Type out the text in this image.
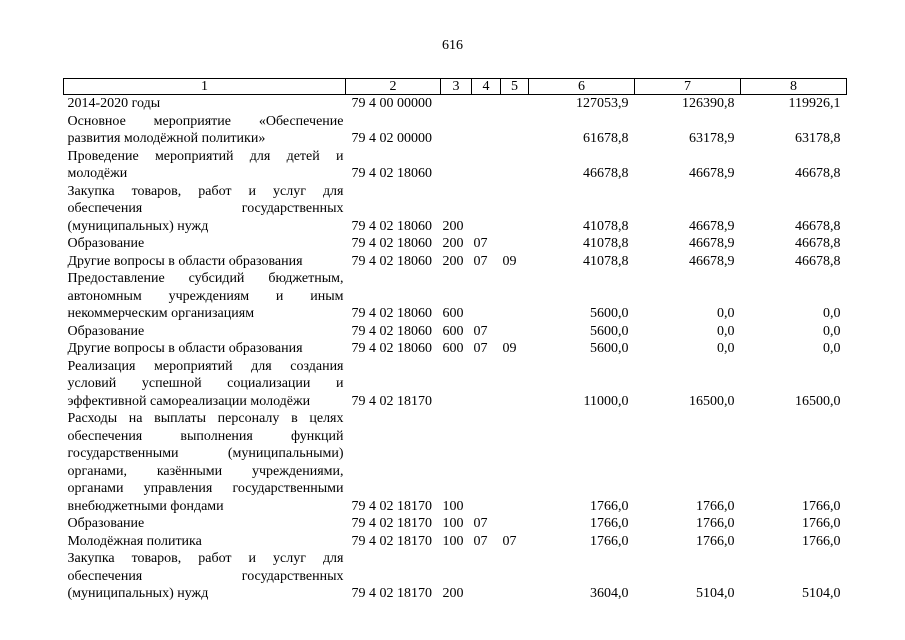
616
1	2	3	4	5	6	7	8
2014-2020 годы	79 4 00 00000				127053,9	126390,8	119926,1
Основное мероприятие «Обеспечение развития молодёжной политики»	79 4 02 00000				61678,8	63178,9	63178,8
Проведение мероприятий для детей и молодёжи	79 4 02 18060				46678,8	46678,9	46678,8
Закупка товаров, работ и услуг для обеспечения государственных (муниципальных) нужд	79 4 02 18060	200			41078,8	46678,9	46678,8
Образование	79 4 02 18060	200	07		41078,8	46678,9	46678,8
Другие вопросы в области образования	79 4 02 18060	200	07	09	41078,8	46678,9	46678,8
Предоставление субсидий бюджетным, автономным учреждениям и иным некоммерческим организациям	79 4 02 18060	600			5600,0	0,0	0,0
Образование	79 4 02 18060	600	07		5600,0	0,0	0,0
Другие вопросы в области образования	79 4 02 18060	600	07	09	5600,0	0,0	0,0
Реализация мероприятий для создания условий успешной социализации и эффективной самореализации молодёжи	79 4 02 18170				11000,0	16500,0	16500,0
Расходы на выплаты персоналу в целях обеспечения выполнения функций государственными (муниципальными) органами, казёнными учреждениями, органами управления государственными внебюджетными фондами	79 4 02 18170	100			1766,0	1766,0	1766,0
Образование	79 4 02 18170	100	07		1766,0	1766,0	1766,0
Молодёжная политика	79 4 02 18170	100	07	07	1766,0	1766,0	1766,0
Закупка товаров, работ и услуг для обеспечения государственных (муниципальных) нужд	79 4 02 18170	200			3604,0	5104,0	5104,0
